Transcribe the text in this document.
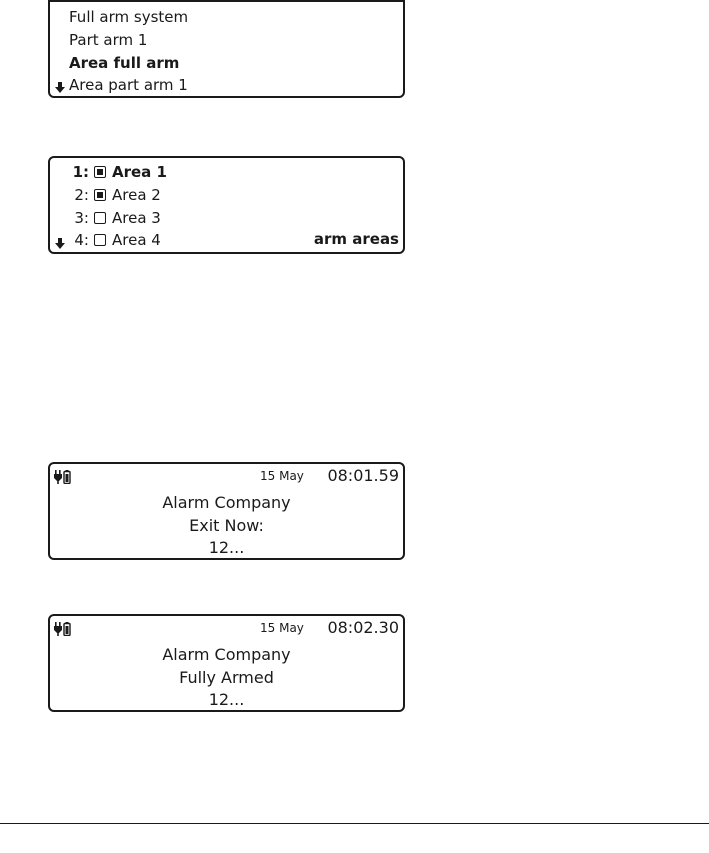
Full arm system
Part arm 1
Area full arm
Area part arm 1
1: Area 1
2: Area 2
3: Area 3
4: Area 4	arm areas
15 May 08:01.59
Alarm Company
Exit Now:
12...
15 May 08:02.30
Alarm Company
Fully Armed
12...
